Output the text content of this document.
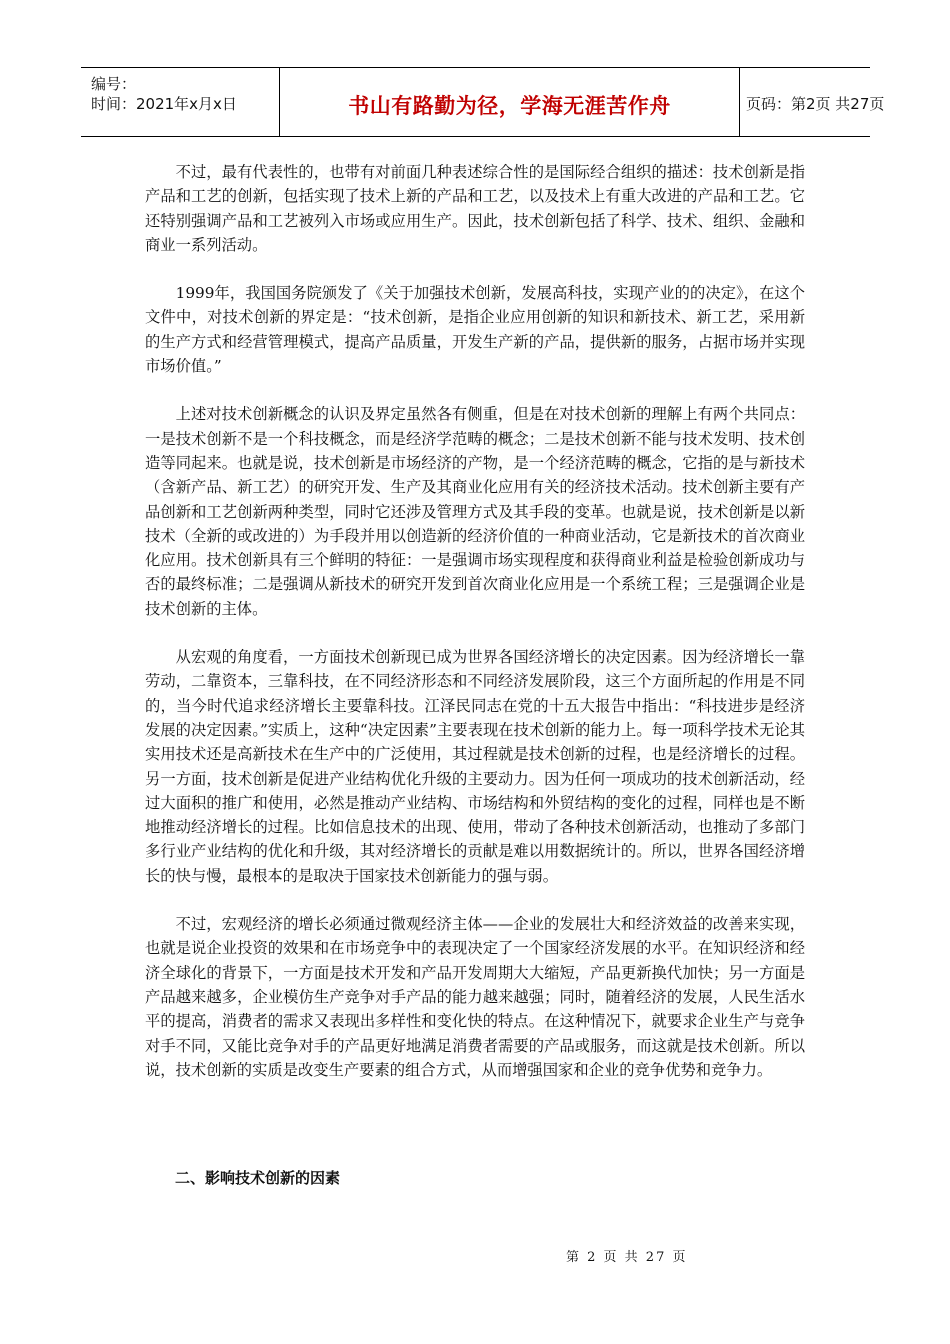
编号：
时间：2021年x月x日	书山有路勤为径，学海无涯苦作舟	页码：第2页 共27页

不过，最有代表性的，也带有对前面几种表述综合性的是国际经合组织的描述：技术创新是指产品和工艺的创新，包括实现了技术上新的产品和工艺，以及技术上有重大改进的产品和工艺。它还特别强调产品和工艺被列入市场或应用生产。因此，技术创新包括了科学、技术、组织、金融和商业一系列活动。

1999年，我国国务院颁发了《关于加强技术创新，发展高科技，实现产业的的决定》，在这个文件中，对技术创新的界定是：“技术创新，是指企业应用创新的知识和新技术、新工艺，采用新的生产方式和经营管理模式，提高产品质量，开发生产新的产品，提供新的服务，占据市场并实现市场价值。”

上述对技术创新概念的认识及界定虽然各有侧重，但是在对技术创新的理解上有两个共同点：一是技术创新不是一个科技概念，而是经济学范畴的概念；二是技术创新不能与技术发明、技术创造等同起来。也就是说，技术创新是市场经济的产物，是一个经济范畴的概念，它指的是与新技术（含新产品、新工艺）的研究开发、生产及其商业化应用有关的经济技术活动。技术创新主要有产品创新和工艺创新两种类型，同时它还涉及管理方式及其手段的变革。也就是说，技术创新是以新技术（全新的或改进的）为手段并用以创造新的经济价值的一种商业活动，它是新技术的首次商业化应用。技术创新具有三个鲜明的特征：一是强调市场实现程度和获得商业利益是检验创新成功与否的最终标准；二是强调从新技术的研究开发到首次商业化应用是一个系统工程；三是强调企业是技术创新的主体。

从宏观的角度看，一方面技术创新现已成为世界各国经济增长的决定因素。因为经济增长一靠劳动，二靠资本，三靠科技，在不同经济形态和不同经济发展阶段，这三个方面所起的作用是不同的，当今时代追求经济增长主要靠科技。江泽民同志在党的十五大报告中指出：“科技进步是经济发展的决定因素。”实质上，这种“决定因素”主要表现在技术创新的能力上。每一项科学技术无论其实用技术还是高新技术在生产中的广泛使用，其过程就是技术创新的过程，也是经济增长的过程。另一方面，技术创新是促进产业结构优化升级的主要动力。因为任何一项成功的技术创新活动，经过大面积的推广和使用，必然是推动产业结构、市场结构和外贸结构的变化的过程，同样也是不断地推动经济增长的过程。比如信息技术的出现、使用，带动了各种技术创新活动，也推动了多部门多行业产业结构的优化和升级，其对经济增长的贡献是难以用数据统计的。所以，世界各国经济增长的快与慢，最根本的是取决于国家技术创新能力的强与弱。

不过，宏观经济的增长必须通过微观经济主体——企业的发展壮大和经济效益的改善来实现，也就是说企业投资的效果和在市场竞争中的表现决定了一个国家经济发展的水平。在知识经济和经济全球化的背景下，一方面是技术开发和产品开发周期大大缩短，产品更新换代加快；另一方面是产品越来越多，企业模仿生产竞争对手产品的能力越来越强；同时，随着经济的发展，人民生活水平的提高，消费者的需求又表现出多样性和变化快的特点。在这种情况下，就要求企业生产与竞争对手不同，又能比竞争对手的产品更好地满足消费者需要的产品或服务，而这就是技术创新。所以说，技术创新的实质是改变生产要素的组合方式，从而增强国家和企业的竞争优势和竞争力。

二、影响技术创新的因素
第 2 页 共 27 页
